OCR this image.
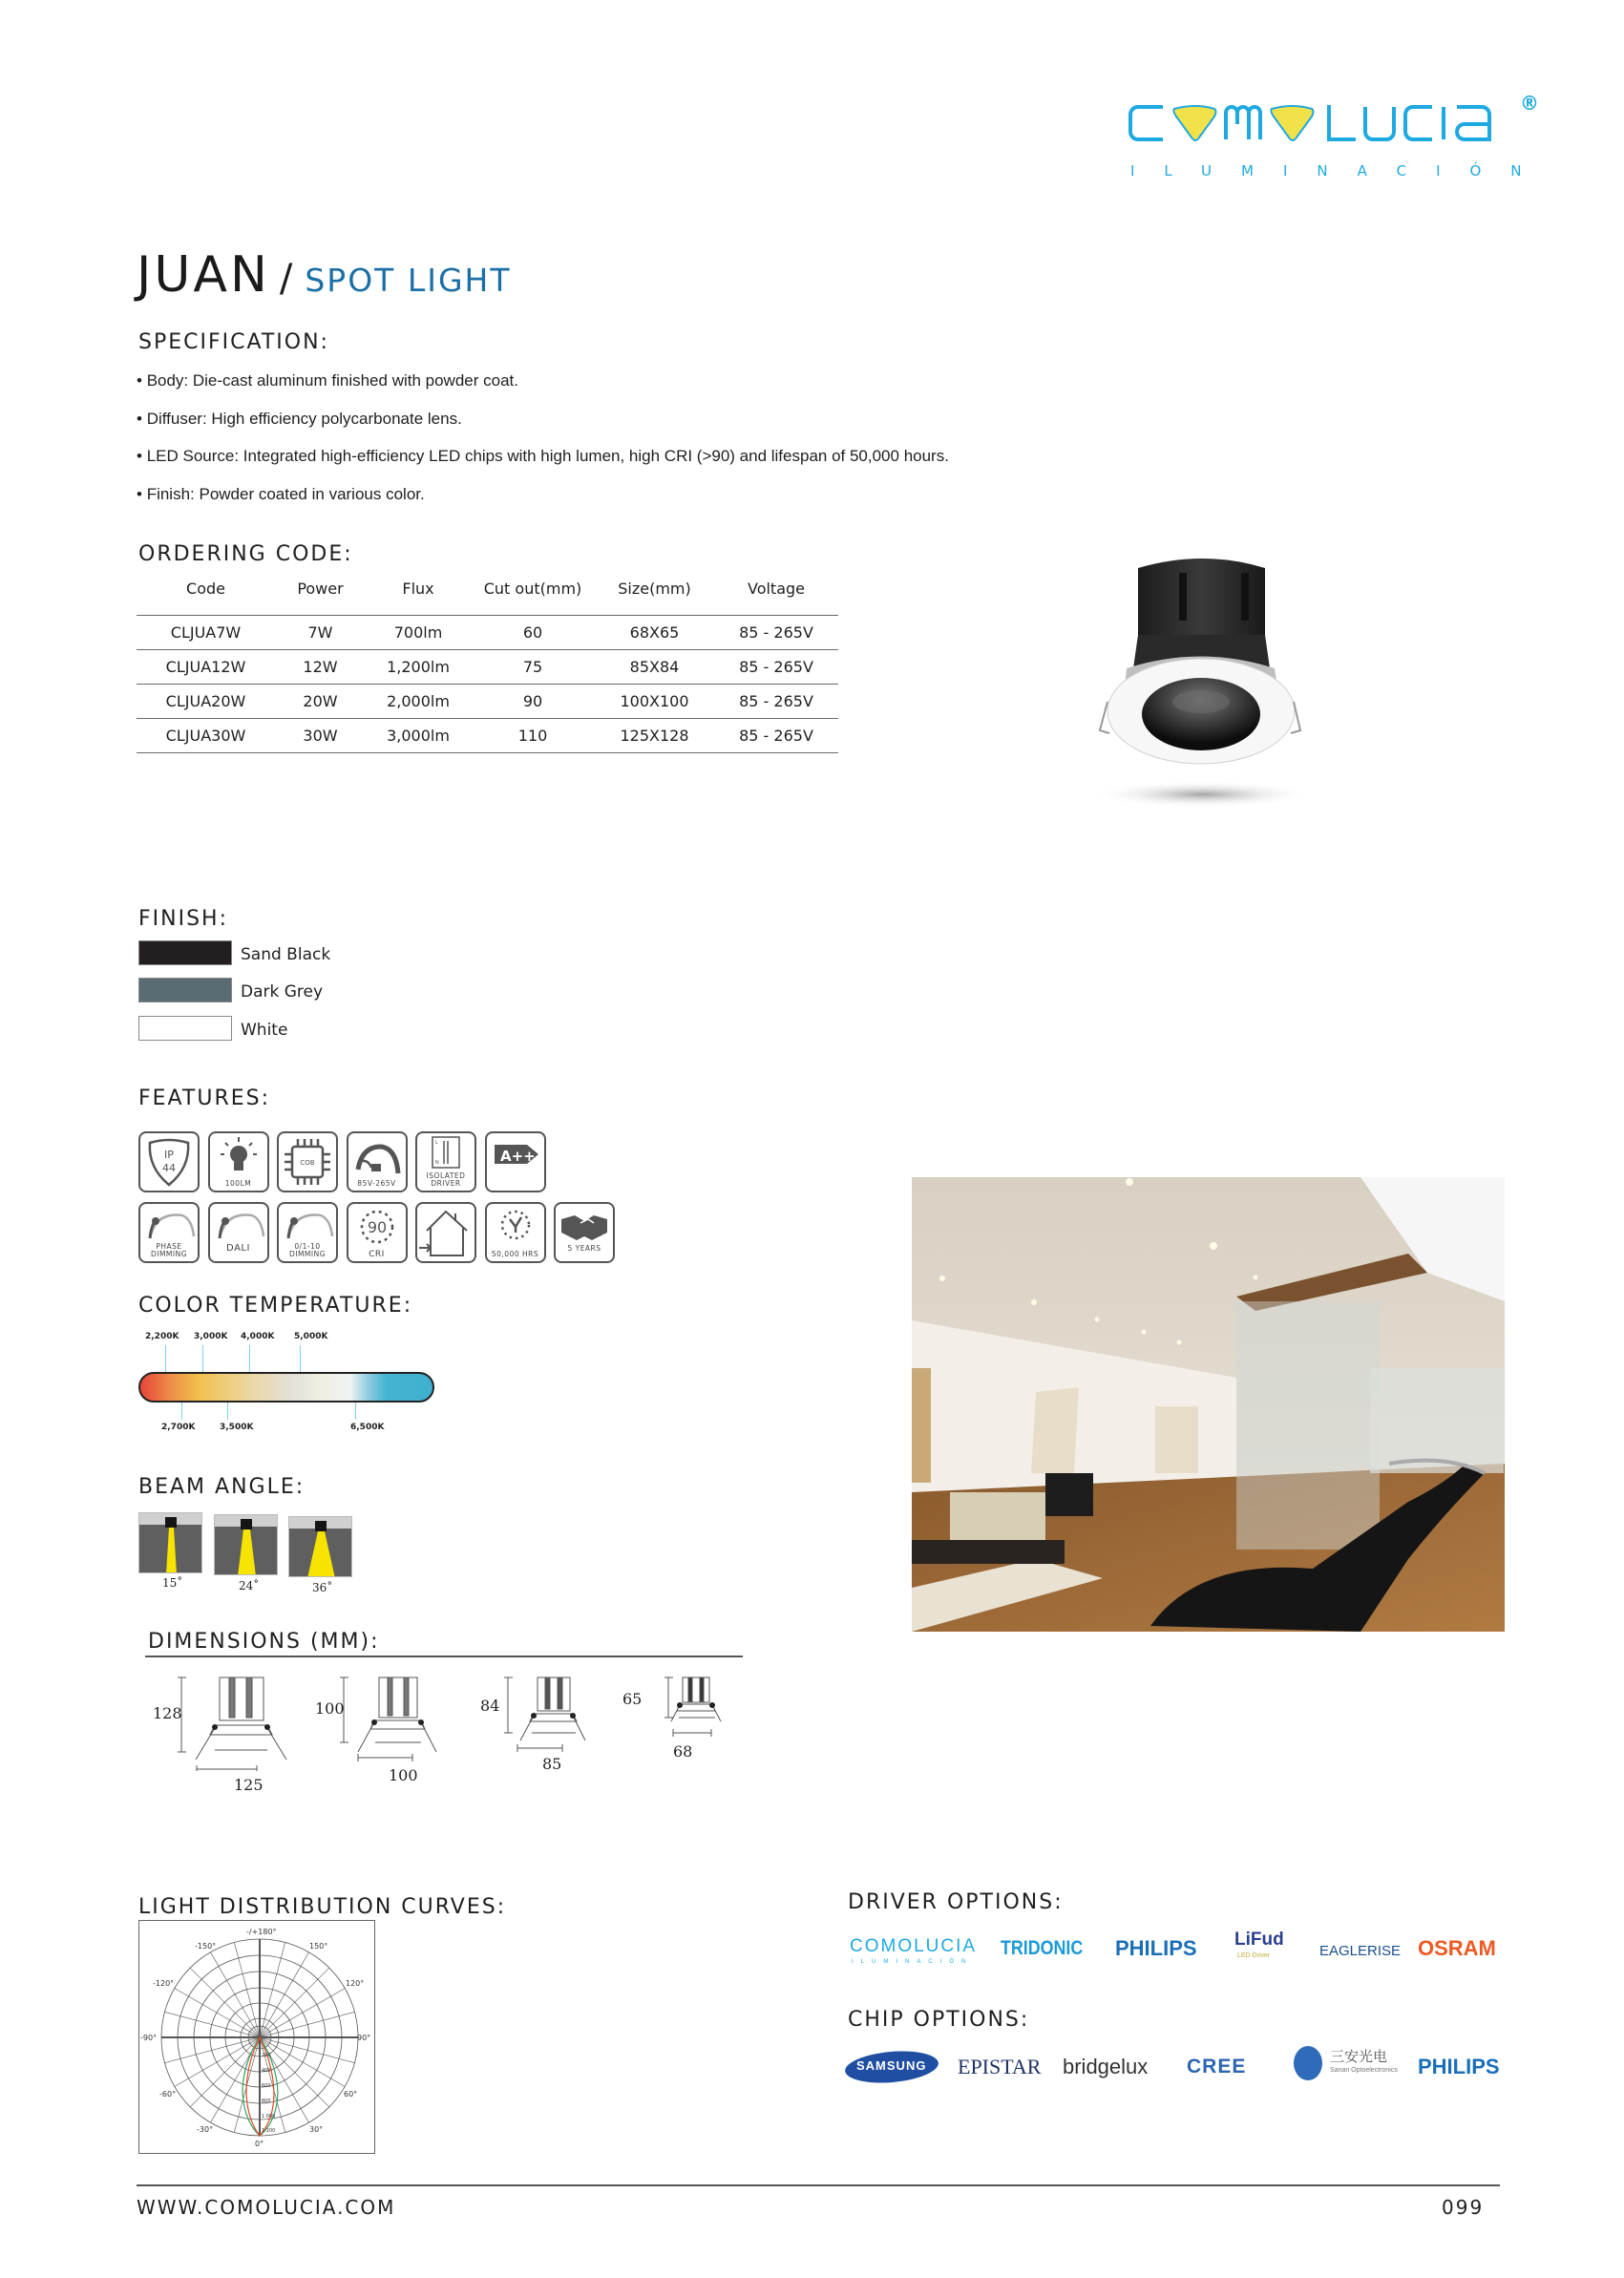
ILUMINACIÓN
®
JUAN / SPOT LIGHT
SPECIFICATION:
• Body: Die-cast aluminum finished with powder coat.
• Diffuser: High efficiency polycarbonate lens.
• LED Source: Integrated high-efficiency LED chips with high lumen, high CRI (>90) and lifespan of 50,000 hours.
• Finish: Powder coated in various color.
ORDERING CODE:
Code	Power	Flux	Cut out(mm)	Size(mm)	Voltage
CLJUA7W	7W	700lm	60	68X65	85 - 265V
CLJUA12W	12W	1,200lm	75	85X84	85 - 265V
CLJUA20W	20W	2,000lm	90	100X100	85 - 265V
CLJUA30W	30W	3,000lm	110	125X128	85 - 265V
FINISH:
Sand Black
Dark Grey
White
FEATURES:
IP
44
100LM
COB
85V-265V
L
N
ISOLATED DRIVER
A++
PHASE DIMMING
DALI	0/1-10 DIMMING
90
CRI	50,000 HRS
5 YEARS
COLOR TEMPERATURE:
2,200K 3,000K 4,000K 5,000K
2,700K	3,500K	6,500K
BEAM ANGLE:
15˚	24˚	36˚
DIMENSIONS (MM):
128
125
100
100
84
85
65
68
LIGHT DISTRIBUTION CURVES:
-/+180°
-150°	150°
-120°	120°
-90°	90°
-60°	60°
-30°	30°
0°
200
400
600
800
1 000
1 200
DRIVER OPTIONS:
COMOLUCIA
ILUMINACIÓN
TRIDONIC PHILIPS LiFud
LED Driver	EAGLERISE OSRAM
CHIP OPTIONS:
SAMSUNG EPISTAR bridgelux CREE	三安光电
Sanan Optoelectronics PHILIPS
WWW.COMOLUCIA.COM	099
